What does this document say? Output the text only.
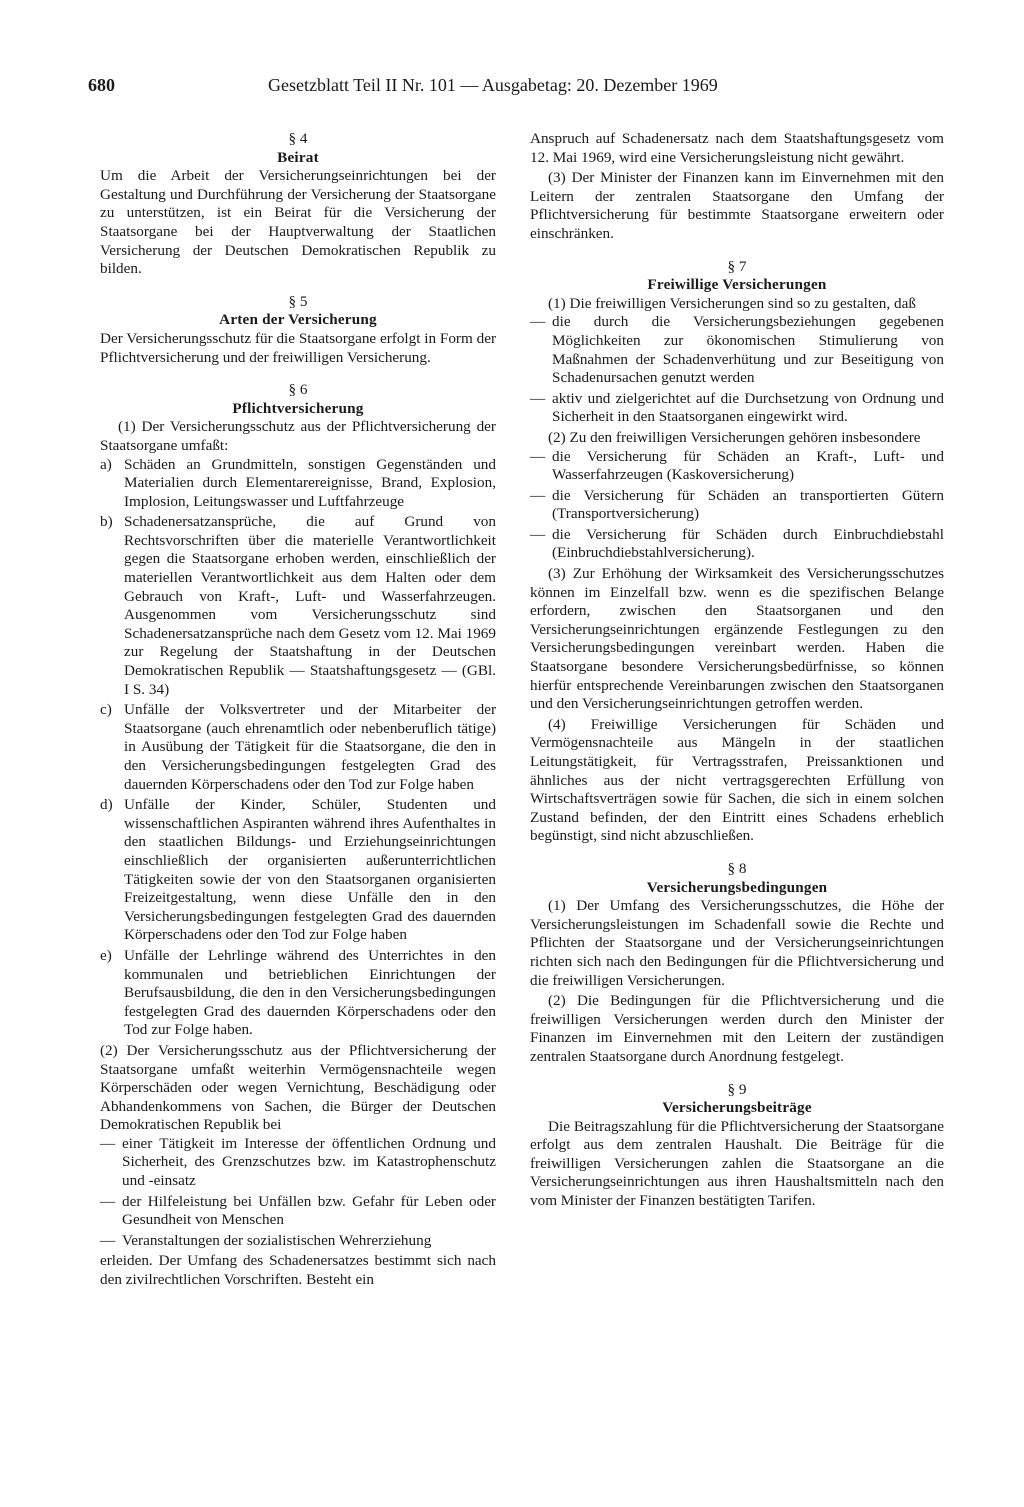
680	Gesetzblatt Teil II Nr. 101 — Ausgabetag: 20. Dezember 1969
§ 4
Beirat

Um die Arbeit der Versicherungseinrichtungen bei der Gestaltung und Durchführung der Versicherung der Staatsorgane zu unterstützen, ist ein Beirat für die Versicherung der Staatsorgane bei der Hauptverwaltung der Staatlichen Versicherung der Deutschen Demokratischen Republik zu bilden.

§ 5
Arten der Versicherung

Der Versicherungsschutz für die Staatsorgane erfolgt in Form der Pflichtversicherung und der freiwilligen Versicherung.

§ 6
Pflichtversicherung

(1) Der Versicherungsschutz aus der Pflichtversicherung der Staatsorgane umfaßt:

a) Schäden an Grundmitteln, sonstigen Gegenständen und Materialien durch Elementarereignisse, Brand, Explosion, Implosion, Leitungswasser und Luftfahrzeuge
b) Schadenersatzansprüche, die auf Grund von Rechtsvorschriften über die materielle Verantwortlichkeit gegen die Staatsorgane erhoben werden, einschließlich der materiellen Verantwortlichkeit aus dem Halten oder dem Gebrauch von Kraft-, Luft- und Wasserfahrzeugen. Ausgenommen vom Versicherungsschutz sind Schadenersatzansprüche nach dem Gesetz vom 12. Mai 1969 zur Regelung der Staatshaftung in der Deutschen Demokratischen Republik — Staatshaftungsgesetz — (GBl. I S. 34)
c) Unfälle der Volksvertreter und der Mitarbeiter der Staatsorgane (auch ehrenamtlich oder nebenberuflich tätige) in Ausübung der Tätigkeit für die Staatsorgane, die den in den Versicherungsbedingungen festgelegten Grad des dauernden Körperschadens oder den Tod zur Folge haben
d) Unfälle der Kinder, Schüler, Studenten und wissenschaftlichen Aspiranten während ihres Aufenthaltes in den staatlichen Bildungs- und Erziehungseinrichtungen einschließlich der organisierten außerunterrichtlichen Tätigkeiten sowie der von den Staatsorganen organisierten Freizeitgestaltung, wenn diese Unfälle den in den Versicherungsbedingungen festgelegten Grad des dauernden Körperschadens oder den Tod zur Folge haben
e) Unfälle der Lehrlinge während des Unterrichtes in den kommunalen und betrieblichen Einrichtungen der Berufsausbildung, die den in den Versicherungsbedingungen festgelegten Grad des dauernden Körperschadens oder den Tod zur Folge haben.

(2) Der Versicherungsschutz aus der Pflichtversicherung der Staatsorgane umfaßt weiterhin Vermögensnachteile wegen Körperschäden oder wegen Vernichtung, Beschädigung oder Abhandenkommens von Sachen, die Bürger der Deutschen Demokratischen Republik bei

— einer Tätigkeit im Interesse der öffentlichen Ordnung und Sicherheit, des Grenzschutzes bzw. im Katastrophenschutz und -einsatz
— der Hilfeleistung bei Unfällen bzw. Gefahr für Leben oder Gesundheit von Menschen
— Veranstaltungen der sozialistischen Wehrerziehung

erleiden. Der Umfang des Schadenersatzes bestimmt sich nach den zivilrechtlichen Vorschriften. Besteht ein

Anspruch auf Schadenersatz nach dem Staatshaftungsgesetz vom 12. Mai 1969, wird eine Versicherungsleistung nicht gewährt.

(3) Der Minister der Finanzen kann im Einvernehmen mit den Leitern der zentralen Staatsorgane den Umfang der Pflichtversicherung für bestimmte Staatsorgane erweitern oder einschränken.

§ 7
Freiwillige Versicherungen

(1) Die freiwilligen Versicherungen sind so zu gestalten, daß

— die durch die Versicherungsbeziehungen gegebenen Möglichkeiten zur ökonomischen Stimulierung von Maßnahmen der Schadenverhütung und zur Beseitigung von Schadenursachen genutzt werden
— aktiv und zielgerichtet auf die Durchsetzung von Ordnung und Sicherheit in den Staatsorganen eingewirkt wird.

(2) Zu den freiwilligen Versicherungen gehören insbesondere

— die Versicherung für Schäden an Kraft-, Luft- und Wasserfahrzeugen (Kaskoversicherung)
— die Versicherung für Schäden an transportierten Gütern (Transportversicherung)
— die Versicherung für Schäden durch Einbruchdiebstahl (Einbruchdiebstahlversicherung).

(3) Zur Erhöhung der Wirksamkeit des Versicherungsschutzes können im Einzelfall bzw. wenn es die spezifischen Belange erfordern, zwischen den Staatsorganen und den Versicherungseinrichtungen ergänzende Festlegungen zu den Versicherungsbedingungen vereinbart werden. Haben die Staatsorgane besondere Versicherungsbedürfnisse, so können hierfür entsprechende Vereinbarungen zwischen den Staatsorganen und den Versicherungseinrichtungen getroffen werden.

(4) Freiwillige Versicherungen für Schäden und Vermögensnachteile aus Mängeln in der staatlichen Leitungstätigkeit, für Vertragsstrafen, Preissanktionen und ähnliches aus der nicht vertragsgerechten Erfüllung von Wirtschaftsverträgen sowie für Sachen, die sich in einem solchen Zustand befinden, der den Eintritt eines Schadens erheblich begünstigt, sind nicht abzuschließen.

§ 8
Versicherungsbedingungen

(1) Der Umfang des Versicherungsschutzes, die Höhe der Versicherungsleistungen im Schadenfall sowie die Rechte und Pflichten der Staatsorgane und der Versicherungseinrichtungen richten sich nach den Bedingungen für die Pflichtversicherung und die freiwilligen Versicherungen.

(2) Die Bedingungen für die Pflichtversicherung und die freiwilligen Versicherungen werden durch den Minister der Finanzen im Einvernehmen mit den Leitern der zuständigen zentralen Staatsorgane durch Anordnung festgelegt.

§ 9
Versicherungsbeiträge

Die Beitragszahlung für die Pflichtversicherung der Staatsorgane erfolgt aus dem zentralen Haushalt. Die Beiträge für die freiwilligen Versicherungen zahlen die Staatsorgane an die Versicherungseinrichtungen aus ihren Haushaltsmitteln nach den vom Minister der Finanzen bestätigten Tarifen.
